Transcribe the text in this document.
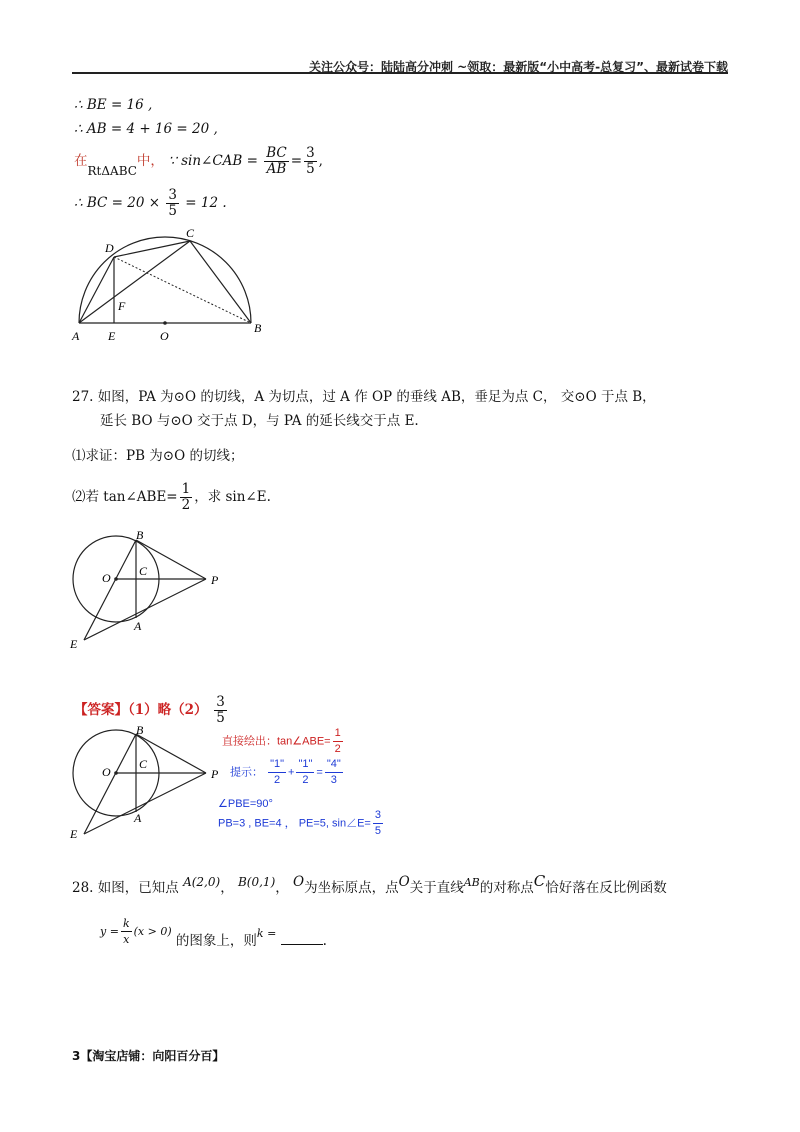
关注公众号：陆陆高分冲刺 ~领取：最新版“小中高考-总复习”、最新试卷下载
∴ BE = 16 ,
∴ AB = 4 + 16 = 20 ,
在RtΔABC中， ∵ sin∠CAB = $\frac{BC}{AB} = \frac{3}{5}$ ,
∴ BC = $20 \times \frac{3}{5} = 12$ .
A E	O
B
D
C
F
27. 如图，PA 为⊙O 的切线，A 为切点，过 A 作 OP 的垂线 AB，垂足为点 C， 交⊙O 于点 B，
延长 BO 与⊙O 交于点 D，与 PA 的延长线交于点 E.
⑴求证：PB 为⊙O 的切线；
⑵若 tan∠ABE= $\frac{1}{2}$ ，求 sin∠E.
B
O C
P
A
E
【答案】（1）略$(2) \frac{3}{5}$
B
O
C
P
A
E
直接绘出：tan∠ABE= $\frac{1}{2}$
提示： $\frac{"1"}{2} + \frac{"1"}{2} = \frac{"4"}{3}$
∠PBE=90°
PB=3 , BE=4 ， PE=5, sin∠E= $\frac{3}{5}$
28. 如图，已知点 A(2,0)， B(0,1)， O为坐标原点，点O关于直线$^{AB}$的对称点C恰好落在反比例函数
$^{y =} \frac{k}{x} ^{(x > 0)}$ 的图象上，则$^{k =}$	.
3【淘宝店铺：向阳百分百】
